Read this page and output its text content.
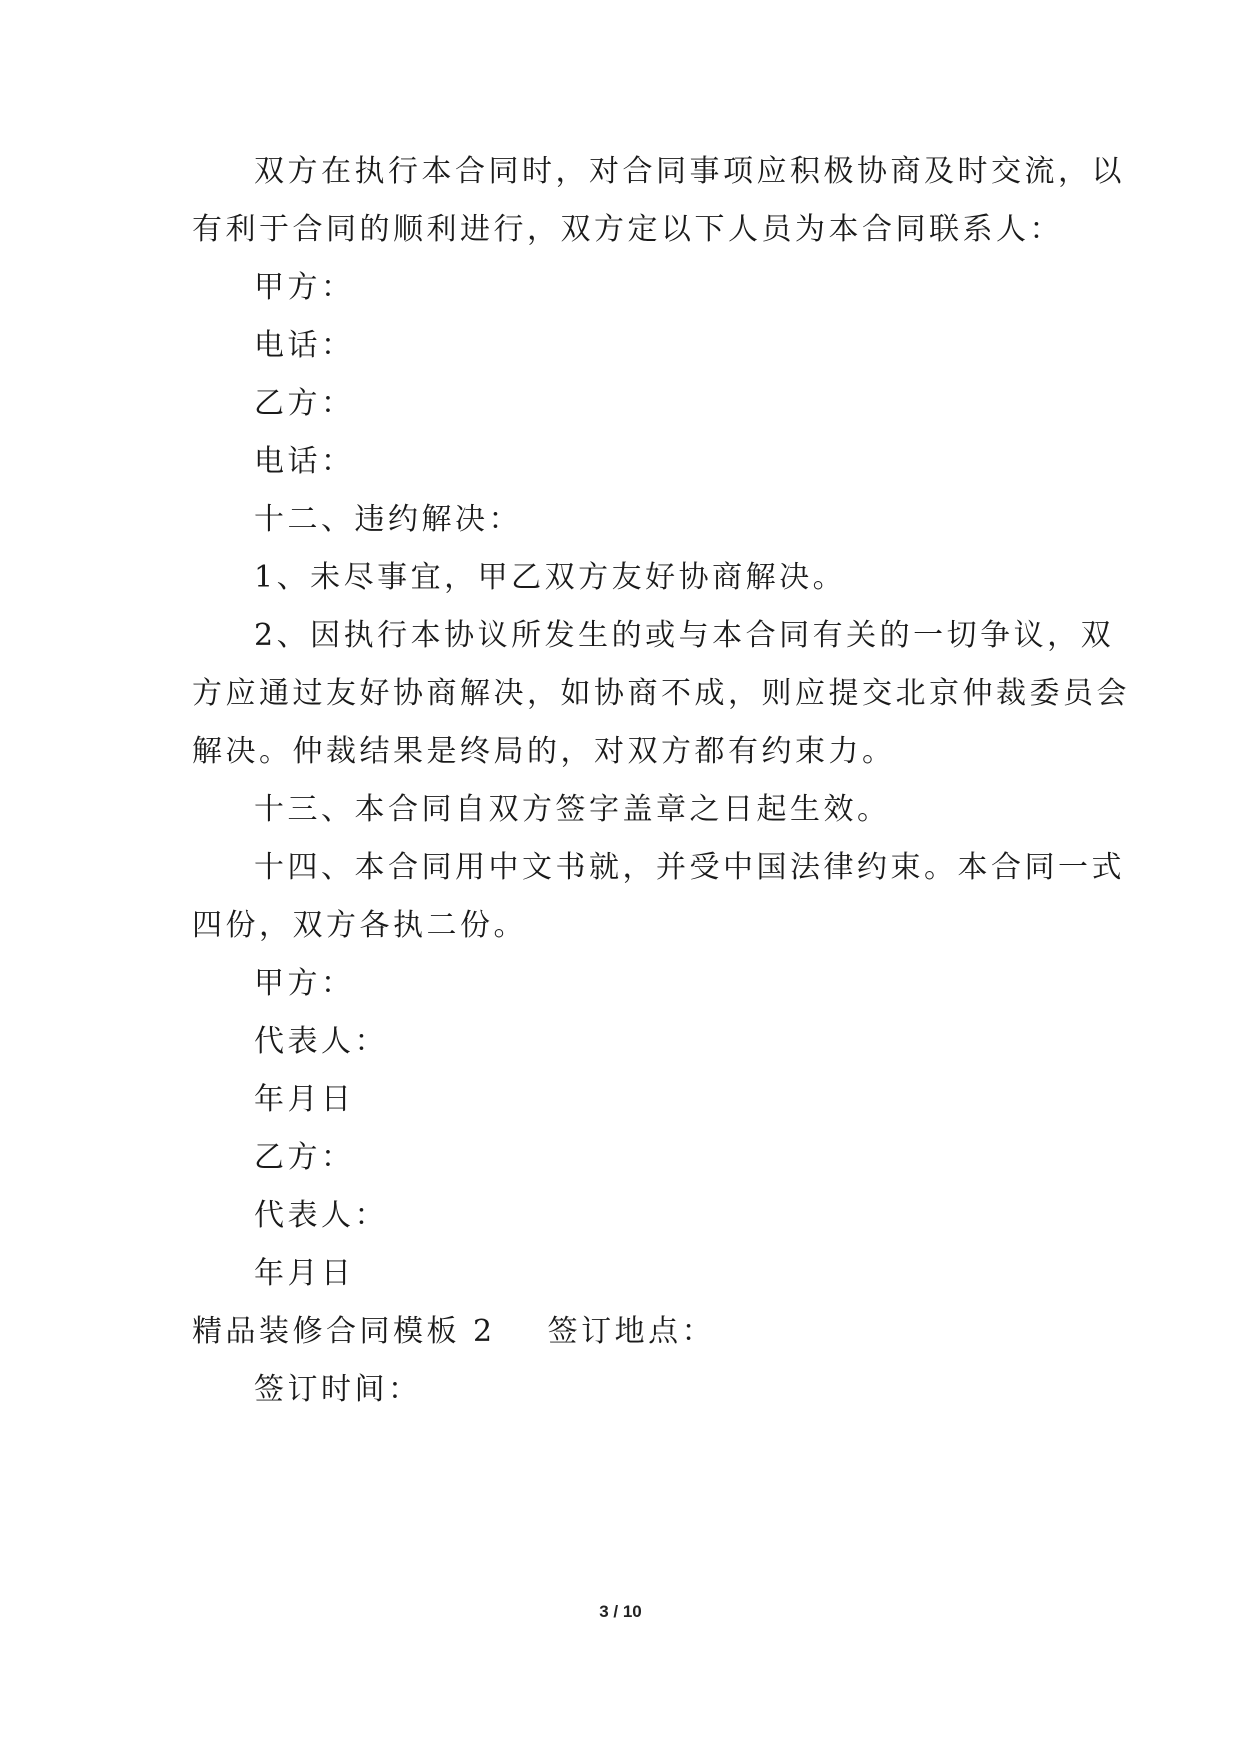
双方在执行本合同时，对合同事项应积极协商及时交流，以
有利于合同的顺利进行，双方定以下人员为本合同联系人：
甲方：
电话：
乙方：
电话：
十二、违约解决：
1、未尽事宜，甲乙双方友好协商解决。
2、因执行本协议所发生的或与本合同有关的一切争议，双
方应通过友好协商解决，如协商不成，则应提交北京仲裁委员会
解决。仲裁结果是终局的，对双方都有约束力。
十三、本合同自双方签字盖章之日起生效。
十四、本合同用中文书就，并受中国法律约束。本合同一式
四份，双方各执二份。
甲方：
代表人：
年月日
乙方：
代表人：
年月日
精品装修合同模板 2 签订地点：
签订时间：
3 / 10
